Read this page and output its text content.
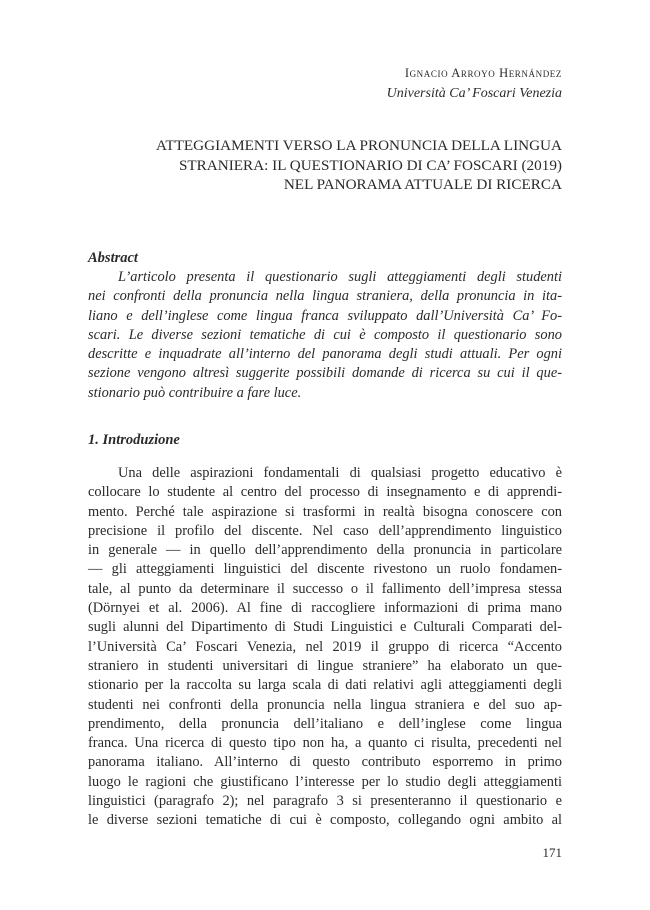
Ignacio Arroyo Hernández
Università Ca’ Foscari Venezia
ATTEGGIAMENTI VERSO LA PRONUNCIA DELLA LINGUA
STRANIERA: IL QUESTIONARIO DI CA’ FOSCARI (2019)
NEL PANORAMA ATTUALE DI RICERCA
Abstract
L’articolo presenta il questionario sugli atteggiamenti degli studenti
nei confronti della pronuncia nella lingua straniera, della pronuncia in ita-
liano e dell’inglese come lingua franca sviluppato dall’Università Ca’ Fo-
scari. Le diverse sezioni tematiche di cui è composto il questionario sono
descritte e inquadrate all’interno del panorama degli studi attuali. Per ogni
sezione vengono altresì suggerite possibili domande di ricerca su cui il que-
stionario può contribuire a fare luce.
1. Introduzione
Una delle aspirazioni fondamentali di qualsiasi progetto educativo è
collocare lo studente al centro del processo di insegnamento e di apprendi-
mento. Perché tale aspirazione si trasformi in realtà bisogna conoscere con
precisione il profilo del discente. Nel caso dell’apprendimento linguistico
in generale — in quello dell’apprendimento della pronuncia in particolare
— gli atteggiamenti linguistici del discente rivestono un ruolo fondamen-
tale, al punto da determinare il successo o il fallimento dell’impresa stessa
(Dörnyei et al. 2006). Al fine di raccogliere informazioni di prima mano
sugli alunni del Dipartimento di Studi Linguistici e Culturali Comparati del-
l’Università Ca’ Foscari Venezia, nel 2019 il gruppo di ricerca “Accento
straniero in studenti universitari di lingue straniere” ha elaborato un que-
stionario per la raccolta su larga scala di dati relativi agli atteggiamenti degli
studenti nei confronti della pronuncia nella lingua straniera e del suo ap-
prendimento, della pronuncia dell’italiano e dell’inglese come lingua
franca. Una ricerca di questo tipo non ha, a quanto ci risulta, precedenti nel
panorama italiano. All’interno di questo contributo esporremo in primo
luogo le ragioni che giustificano l’interesse per lo studio degli atteggiamenti
linguistici (paragrafo 2); nel paragrafo 3 si presenteranno il questionario e
le diverse sezioni tematiche di cui è composto, collegando ogni ambito al
171
